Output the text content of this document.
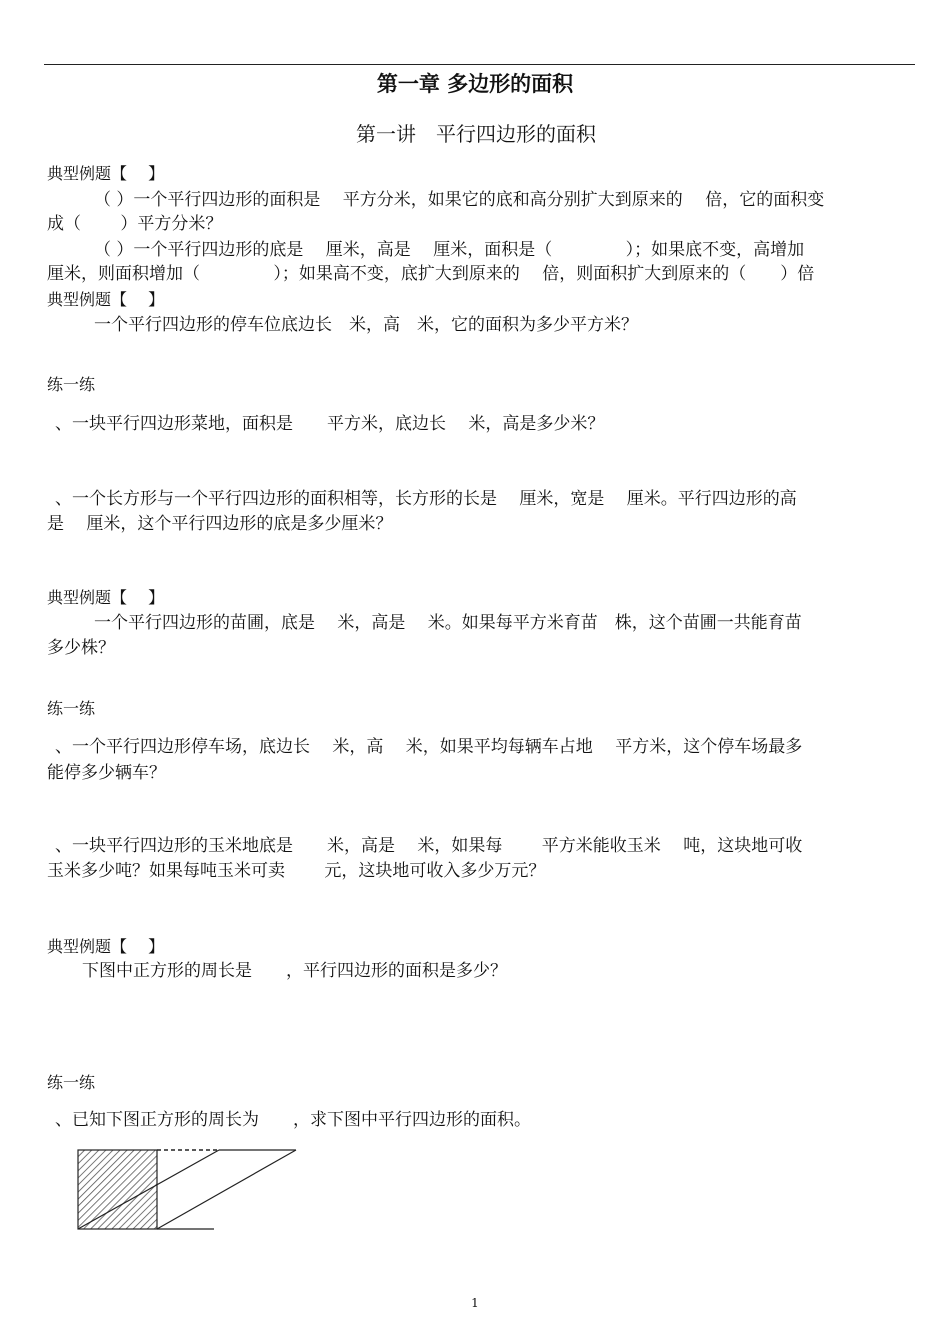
第一章 多边形的面积
第一讲　平行四边形的面积
典型例题【　 】
（ ）一个平行四边形的面积是　 平方分米，如果它的底和高分别扩大到原来的　 倍，它的面积变
成（　　 ）平方分米？
（ ）一个平行四边形的底是　 厘米，高是　 厘米，面积是（　　　　 ）；如果底不变，高增加
厘米，则面积增加（　　　　 ）；如果高不变，底扩大到原来的　 倍，则面积扩大到原来的（　　）倍
典型例题【　 】
一个平行四边形的停车位底边长　米，高　米，它的面积为多少平方米？
练一练
、一块平行四边形菜地，面积是　　平方米，底边长　 米，高是多少米？
、一个长方形与一个平行四边形的面积相等，长方形的长是　 厘米，宽是　 厘米。平行四边形的高
是　 厘米，这个平行四边形的底是多少厘米？
典型例题【　 】
一个平行四边形的苗圃，底是　 米，高是　 米。如果每平方米育苗　株，这个苗圃一共能育苗
多少株？
练一练
、一个平行四边形停车场，底边长　 米，高　 米，如果平均每辆车占地　 平方米，这个停车场最多
能停多少辆车？
、一块平行四边形的玉米地底是　　米，高是　 米，如果每　　 平方米能收玉米　 吨，这块地可收
玉米多少吨？如果每吨玉米可卖　　 元，这块地可收入多少万元？
典型例题【　 】
下图中正方形的周长是　　，平行四边形的面积是多少？
练一练
、已知下图正方形的周长为　　，求下图中平行四边形的面积。
1
